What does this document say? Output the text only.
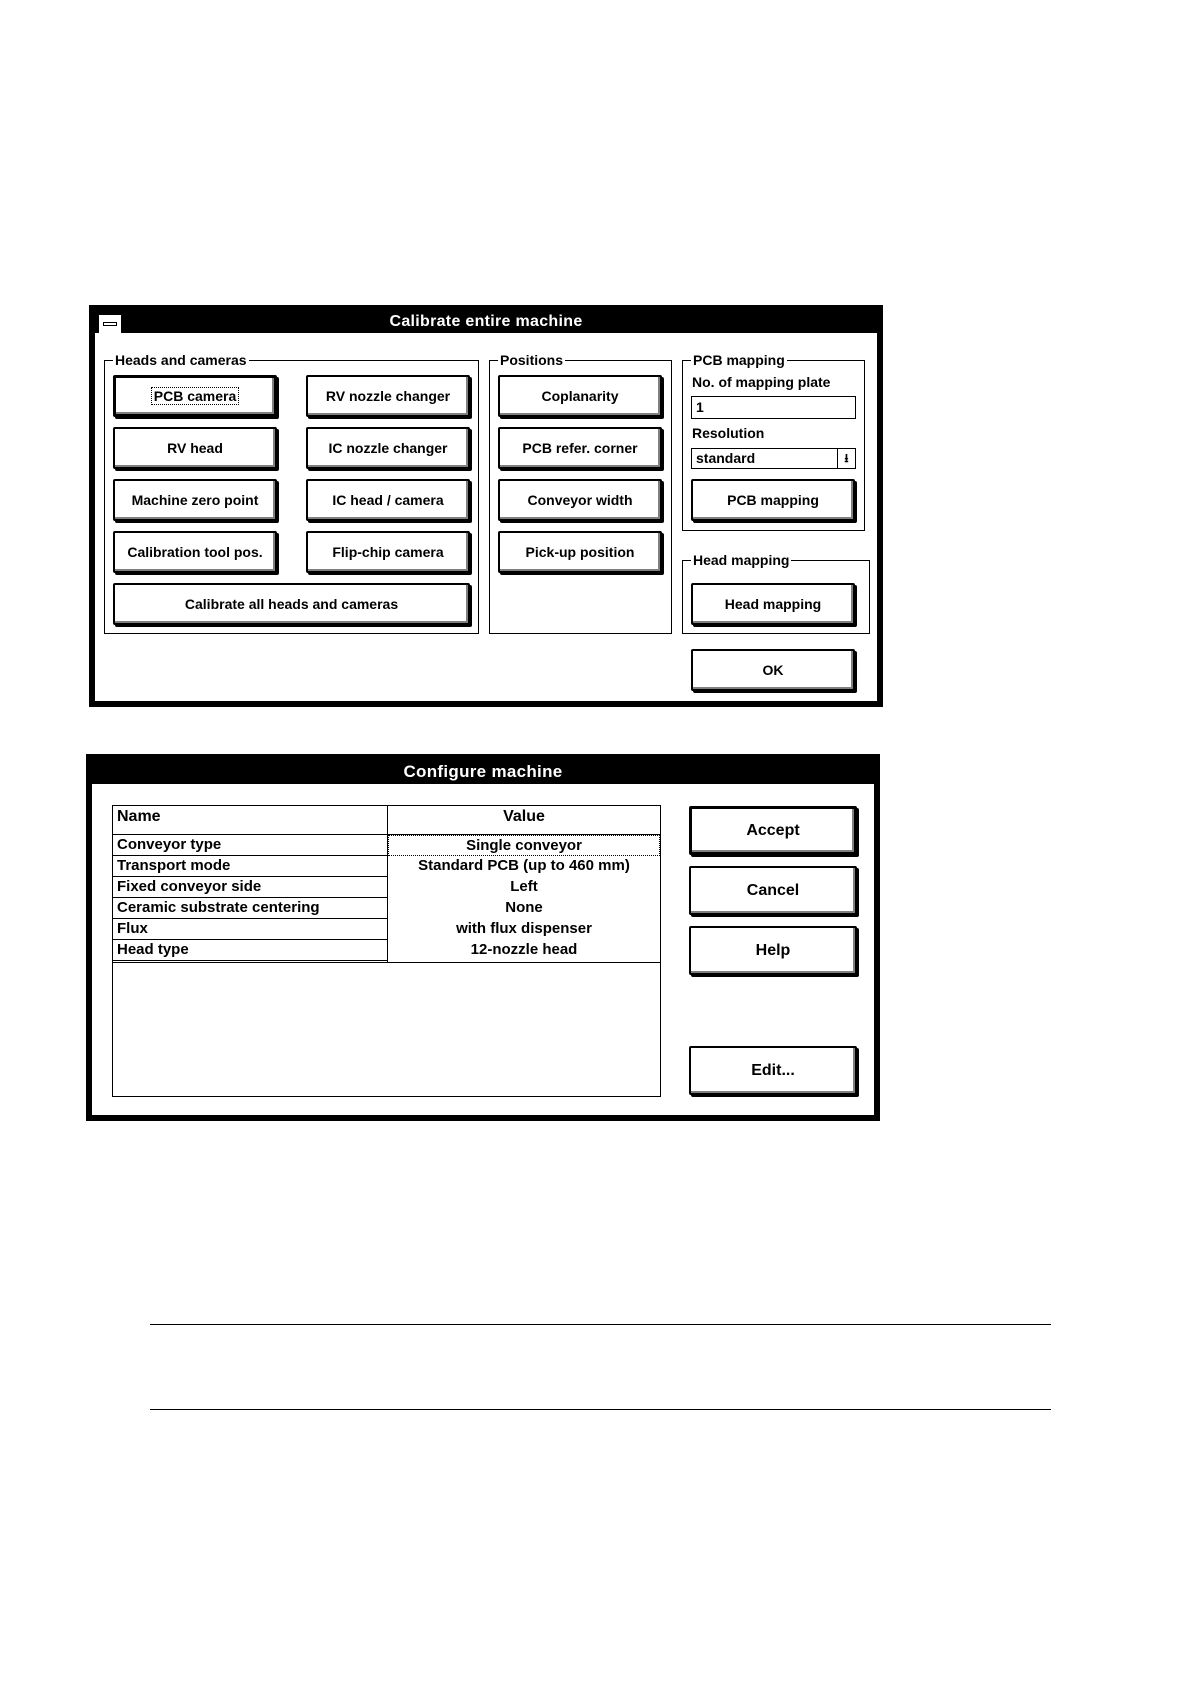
Calibrate entire machine
Heads and cameras
PCB camera	RV nozzle changer
RV head	IC nozzle changer
Machine zero point	IC head / camera
Calibration tool pos.	Flip-chip camera
Calibrate all heads and cameras
Positions
Coplanarity
PCB refer. corner
Conveyor width
Pick-up position
PCB mapping
No. of mapping plate
1
Resolution
standard	⭳
PCB mapping
Head mapping
Head mapping
OK
Configure machine
Name	Value
Conveyor type	Single conveyor
Transport mode	Standard PCB (up to 460 mm)
Fixed conveyor side	Left
Ceramic substrate centering	None
Flux	with flux dispenser
Head type	12-nozzle head
Accept
Cancel
Help
Edit...
